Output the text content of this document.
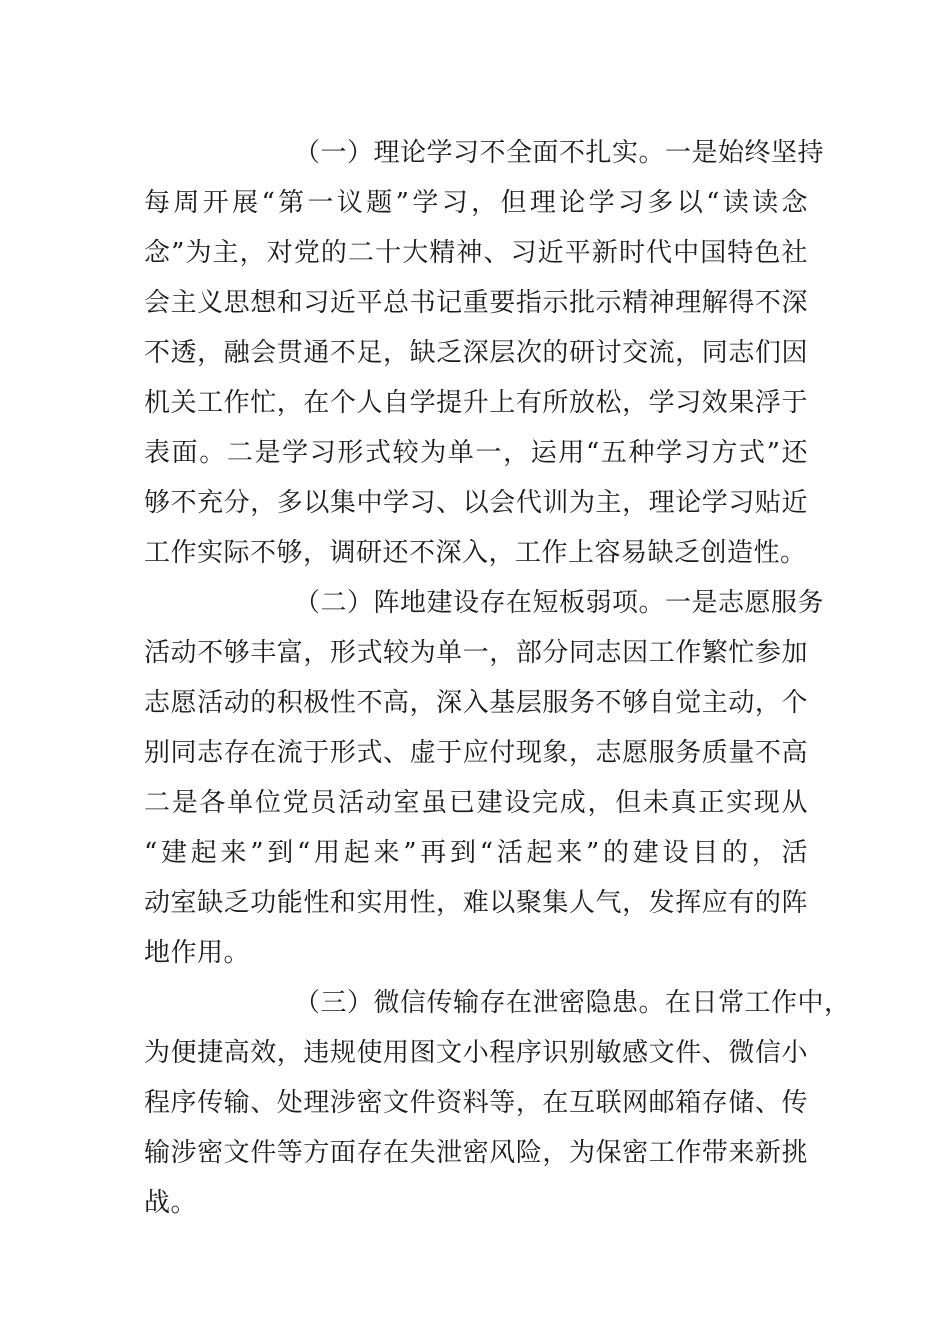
（一）理论学习不全面不扎实。一是始终坚持
每周开展“第一议题”学习，但理论学习多以“读读念
念”为主，对党的二十大精神、习近平新时代中国特色社
会主义思想和习近平总书记重要指示批示精神理解得不深
不透，融会贯通不足，缺乏深层次的研讨交流，同志们因
机关工作忙，在个人自学提升上有所放松，学习效果浮于
表面。二是学习形式较为单一，运用“五种学习方式”还
够不充分，多以集中学习、以会代训为主，理论学习贴近
工作实际不够，调研还不深入，工作上容易缺乏创造性。
（二）阵地建设存在短板弱项。一是志愿服务
活动不够丰富，形式较为单一，部分同志因工作繁忙参加
志愿活动的积极性不高，深入基层服务不够自觉主动，个
别同志存在流于形式、虚于应付现象，志愿服务质量不高
二是各单位党员活动室虽已建设完成，但未真正实现从
“建起来”到“用起来”再到“活起来”的建设目的，活
动室缺乏功能性和实用性，难以聚集人气，发挥应有的阵
地作用。
（三）微信传输存在泄密隐患。在日常工作中，
为便捷高效，违规使用图文小程序识别敏感文件、微信小
程序传输、处理涉密文件资料等，在互联网邮箱存储、传
输涉密文件等方面存在失泄密风险，为保密工作带来新挑
战。
